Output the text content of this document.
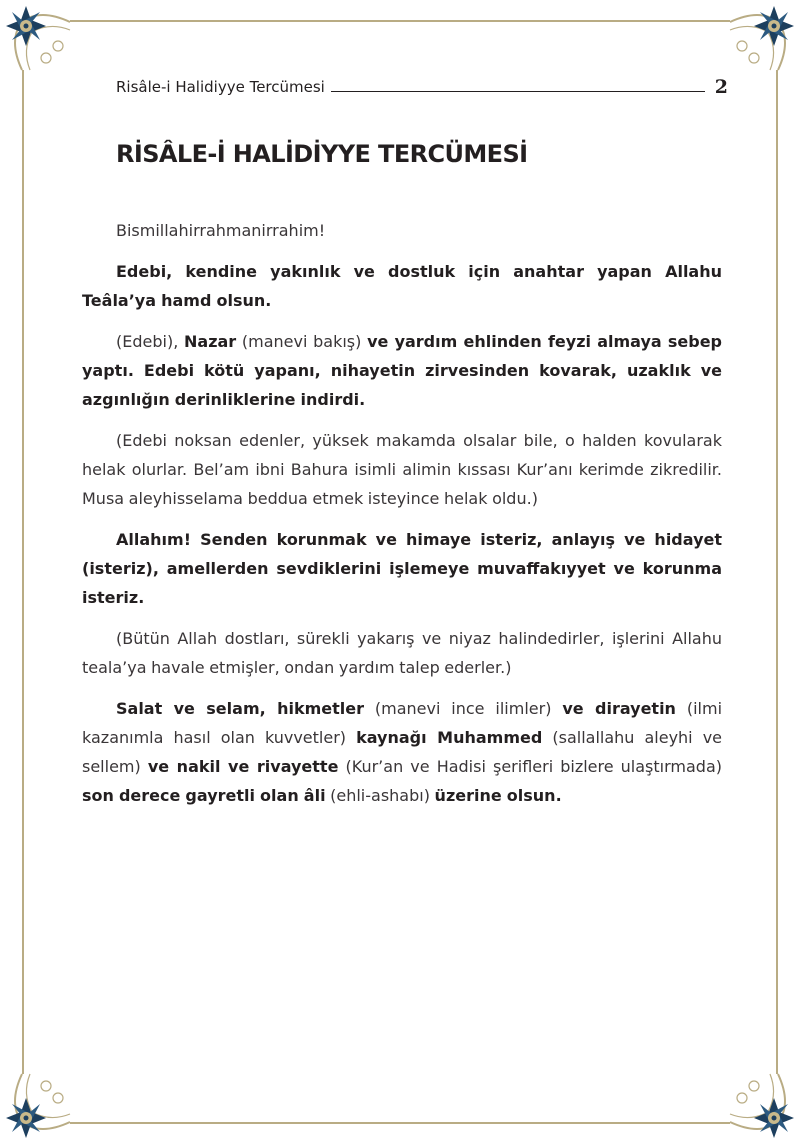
Risâle-i Halidiyye Tercümesi	2
RİSÂLE-İ HALİDİYYE TERCÜMESİ

Bismillahirrahmanirrahim!

Edebi, kendine yakınlık ve dostluk için anahtar yapan Allahu Teâla’ya hamd olsun.

(Edebi), Nazar (manevi bakış) ve yardım ehlinden feyzi almaya sebep yaptı. Edebi kötü yapanı, nihayetin zirvesinden kovarak, uzaklık ve azgınlığın derinliklerine indirdi.

(Edebi noksan edenler, yüksek makamda olsalar bile, o halden kovularak helak olurlar. Bel’am ibni Bahura isimli alimin kıssası Kur’anı kerimde zikredilir. Musa aleyhisselama beddua etmek isteyince helak oldu.)

Allahım! Senden korunmak ve himaye isteriz, anlayış ve hidayet (isteriz), amellerden sevdiklerini işlemeye muvaffakıyyet ve korunma isteriz.

(Bütün Allah dostları, sürekli yakarış ve niyaz halindedirler, işlerini Allahu teala’ya havale etmişler, ondan yardım talep ederler.)

Salat ve selam, hikmetler (manevi ince ilimler) ve dirayetin (ilmi kazanımla hasıl olan kuvvetler) kaynağı Muhammed (sallallahu aleyhi ve sellem) ve nakil ve rivayette (Kur’an ve Hadisi şerifleri bizlere ulaştırmada) son derece gayretli olan âli (ehli-ashabı) üzerine olsun.
